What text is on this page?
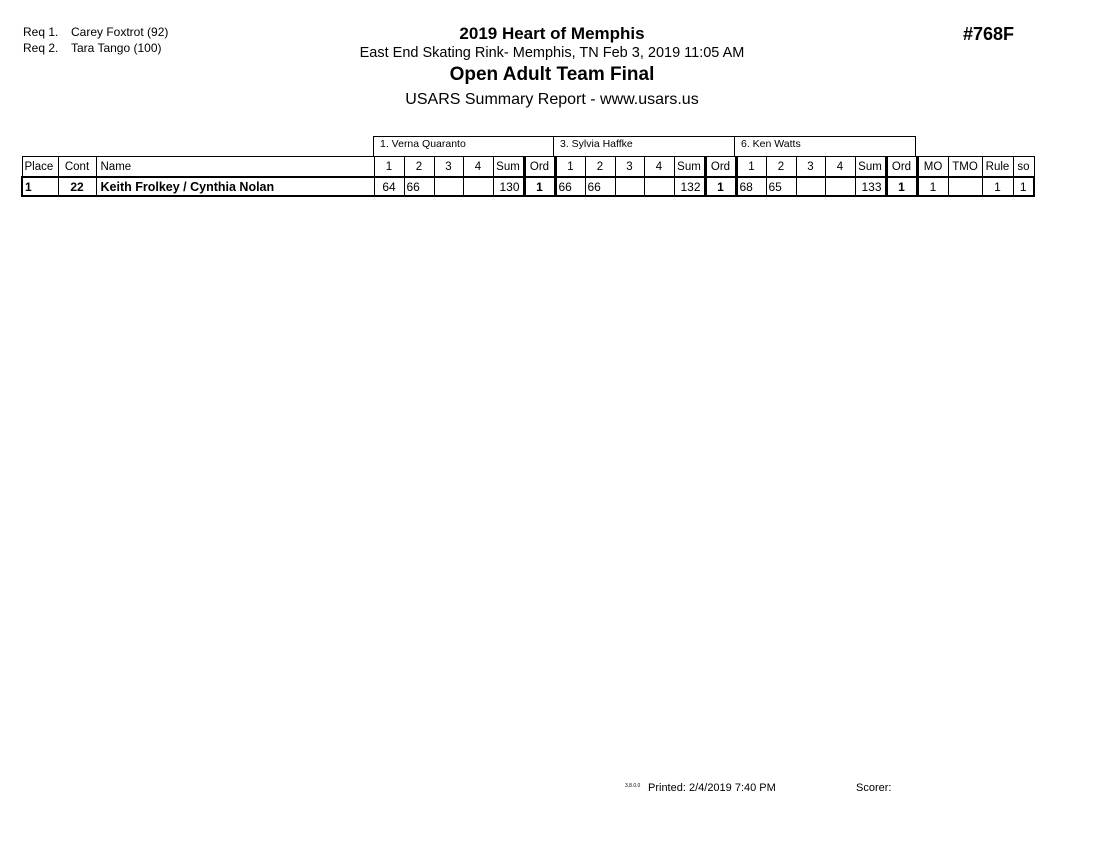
Req 1. Carey Foxtrot (92)
Req 2. Tara Tango (100)
2019 Heart of Memphis
East End Skating Rink- Memphis, TN Feb 3, 2019 11:05 AM
Open Adult Team Final
USARS Summary Report - www.usars.us
#768F
1. Verna Quaranto	3. Sylvia Haffke	6. Ken Watts
Place	Cont	Name	1	2	3	4	Sum	Ord	1	2	3	4	Sum	Ord	1	2	3	4	Sum	Ord	MO	TMO	Rule	so
1	22	Keith Frolkey / Cynthia Nolan	64	66			130	1	66	66			132	1	68	65			133	1	1		1	1
3.8.0.0 Printed: 2/4/2019 7:40 PM	Scorer:
